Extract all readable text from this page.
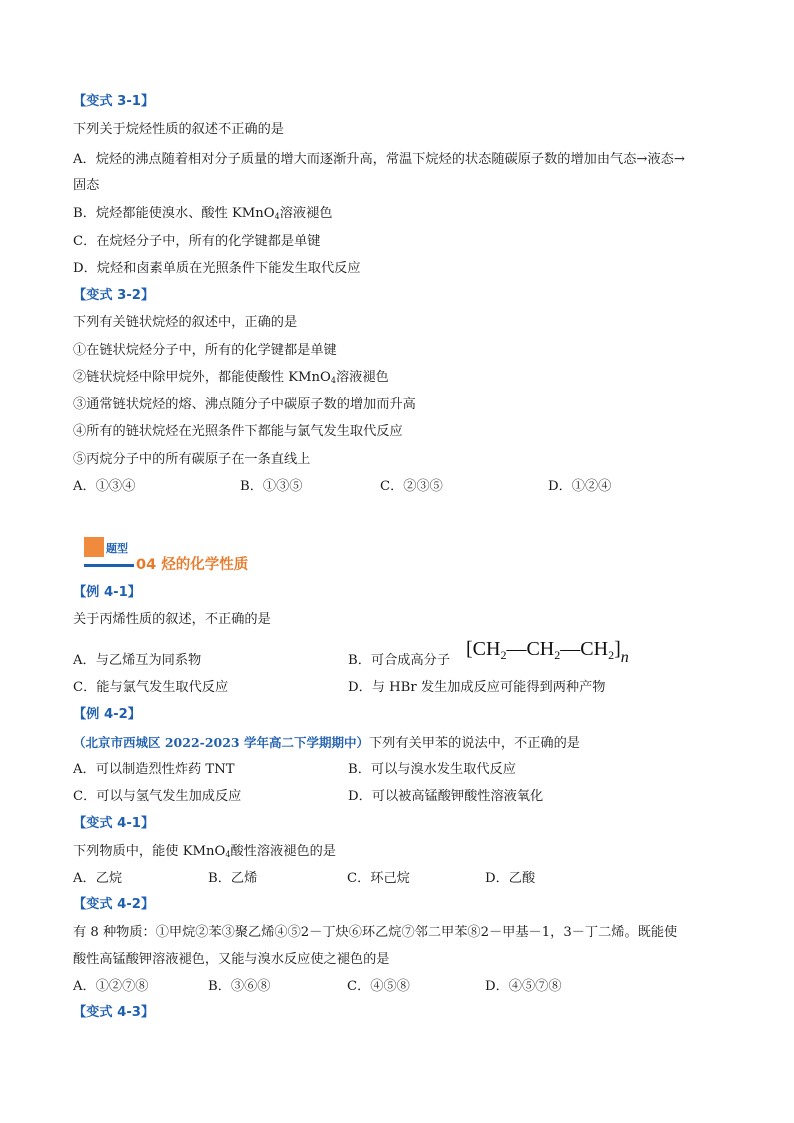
【变式 3-1】
下列关于烷烃性质的叙述不正确的是
A．烷烃的沸点随着相对分子质量的增大而逐渐升高，常温下烷烃的状态随碳原子数的增加由气态→液态→
固态
B．烷烃都能使溴水、酸性 KMnO$_4$溶液褪色
C．在烷烃分子中，所有的化学键都是单键
D．烷烃和卤素单质在光照条件下能发生取代反应
【变式 3-2】
下列有关链状烷烃的叙述中，正确的是
①在链状烷烃分子中，所有的化学键都是单键
②链状烷烃中除甲烷外，都能使酸性 KMnO$_4$溶液褪色
③通常链状烷烃的熔、沸点随分子中碳原子数的增加而升高
④所有的链状烷烃在光照条件下都能与氯气发生取代反应
⑤丙烷分子中的所有碳原子在一条直线上
A．①③④	B．①③⑤	C．②③⑤	D．①②④
题型
04 烃的化学性质
【例 4-1】
关于丙烯性质的叙述，不正确的是
A．与乙烯互为同系物	B．可合成高分子
$[CH_2—CH_2—CH_2]_n$
C．能与氯气发生取代反应	D．与 HBr 发生加成反应可能得到两种产物
【例 4-2】
（北京市西城区 2022-2023 学年高二下学期期中）下列有关甲苯的说法中，不正确的是
A．可以制造烈性炸药 TNT	B．可以与溴水发生取代反应
C．可以与氢气发生加成反应	D．可以被高锰酸钾酸性溶液氧化
【变式 4-1】
下列物质中，能使 KMnO$_4$酸性溶液褪色的是
A．乙烷	B．乙烯	C．环己烷	D．乙酸
【变式 4-2】
有 8 种物质：①甲烷②苯③聚乙烯④⑤2－丁炔⑥环乙烷⑦邻二甲苯⑧2－甲基－1，3－丁二烯。既能使
酸性高锰酸钾溶液褪色，又能与溴水反应使之褪色的是
A．①②⑦⑧	B．③⑥⑧	C．④⑤⑧	D．④⑤⑦⑧
【变式 4-3】
